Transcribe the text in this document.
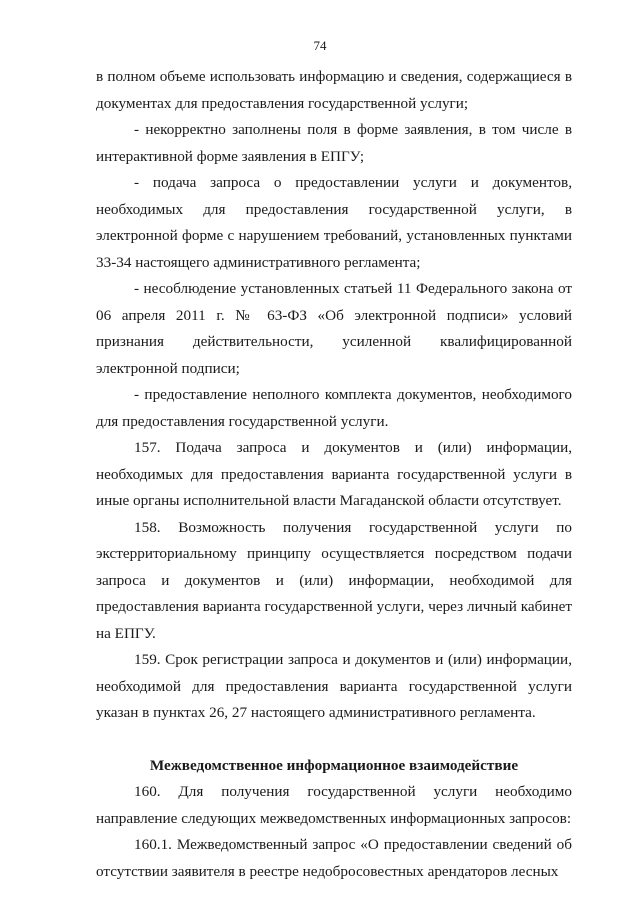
74

в полном объеме использовать информацию и сведения, содержащиеся в документах для предоставления государственной услуги;

- некорректно заполнены поля в форме заявления, в том числе в интерактивной форме заявления в ЕПГУ;

- подача запроса о предоставлении услуги и документов, необходимых для предоставления государственной услуги, в электронной форме с нарушением требований, установленных пунктами 33-34 настоящего административного регламента;

- несоблюдение установленных статьей 11 Федерального закона от 06 апреля 2011 г. № 63-ФЗ «Об электронной подписи» условий признания действительности, усиленной квалифицированной электронной подписи;

- предоставление неполного комплекта документов, необходимого для предоставления государственной услуги.

157. Подача запроса и документов и (или) информации, необходимых для предоставления варианта государственной услуги в иные органы исполнительной власти Магаданской области отсутствует.

158. Возможность получения государственной услуги по экстерриториальному принципу осуществляется посредством подачи запроса и документов и (или) информации, необходимой для предоставления варианта государственной услуги, через личный кабинет на ЕПГУ.

159. Срок регистрации запроса и документов и (или) информации, необходимой для предоставления варианта государственной услуги указан в пунктах 26, 27 настоящего административного регламента.

Межведомственное информационное взаимодействие

160. Для получения государственной услуги необходимо направление следующих межведомственных информационных запросов:

160.1. Межведомственный запрос «О предоставлении сведений об отсутствии заявителя в реестре недобросовестных арендаторов лесных
